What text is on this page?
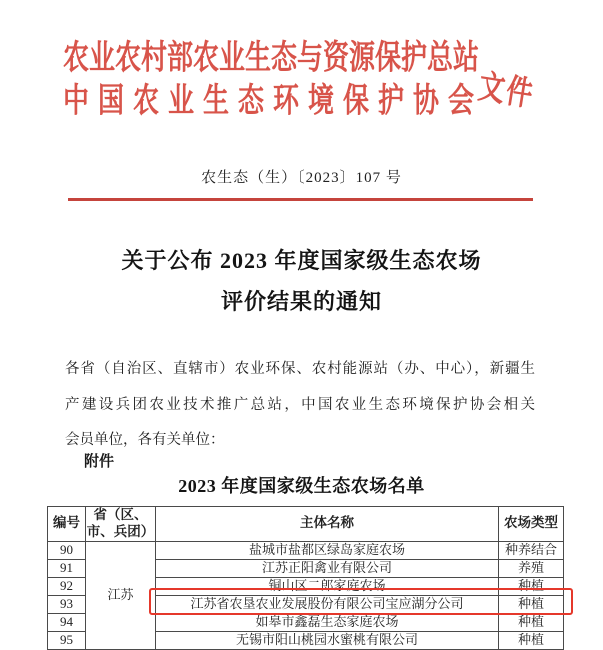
农业农村部农业生态与资源保护总站
中国农业生态环境保护协会
文件
农生态（生）〔2023〕107 号
关于公布 2023 年度国家级生态农场
评价结果的通知
各省（自治区、直辖市）农业环保、农村能源站（办、中心），新疆生
产建设兵团农业技术推广总站，中国农业生态环境保护协会相关
会员单位，各有关单位：
附件
2023 年度国家级生态农场名单
编号	省（区、
市、兵团）	主体名称	农场类型
90	江苏	盐城市盐都区绿岛家庭农场	种养结合
91		江苏正阳禽业有限公司	养殖
92		铜山区二郎家庭农场	种植
93		江苏省农垦农业发展股份有限公司宝应湖分公司	种植
94		如皋市鑫磊生态家庭农场	种植
95		无锡市阳山桃园水蜜桃有限公司	种植
